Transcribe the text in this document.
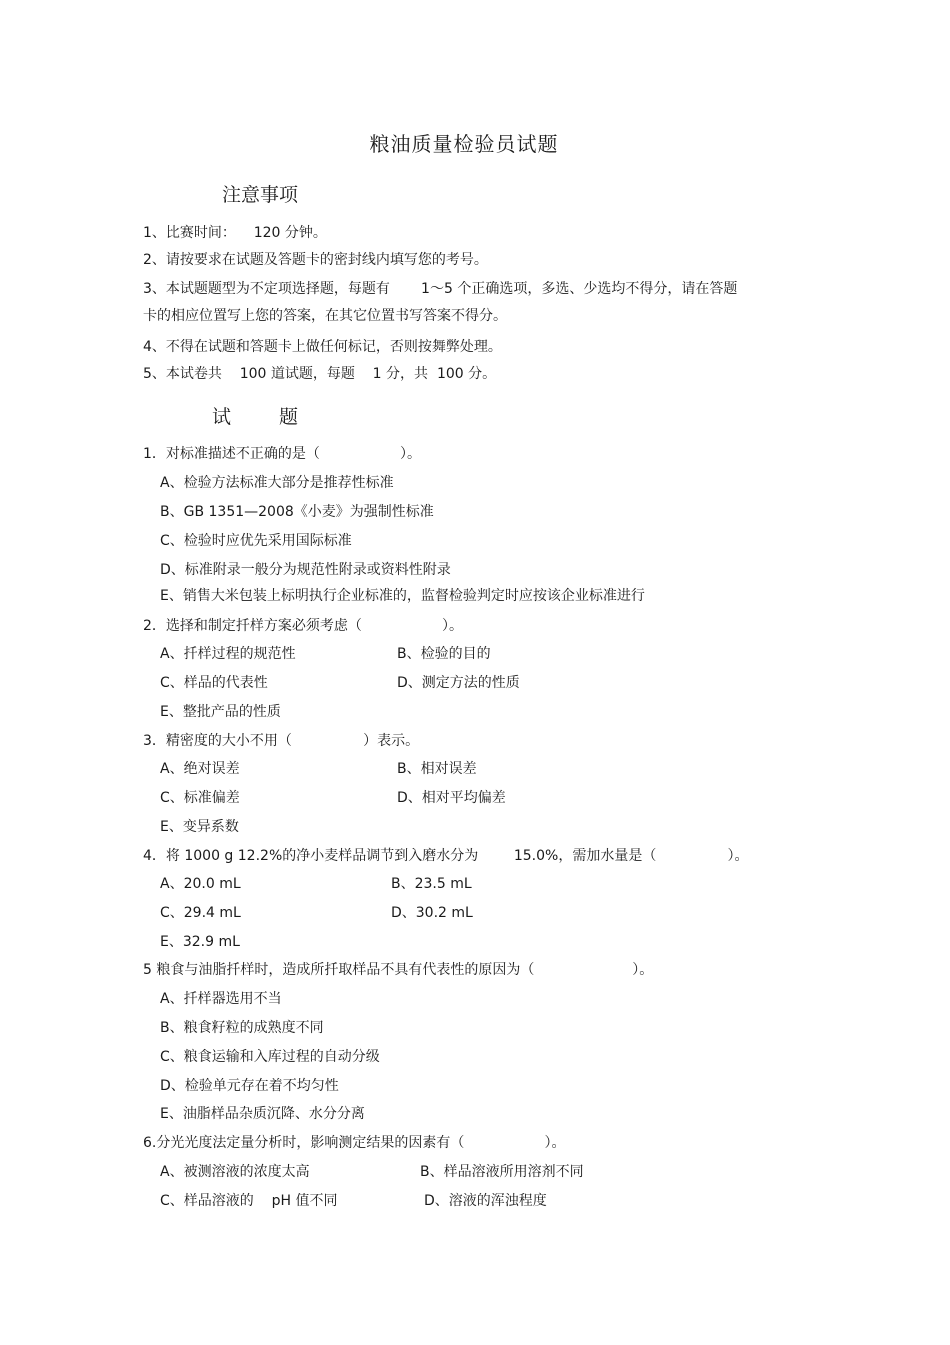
粮油质量检验员试题
注意事项
1、比赛时间：    120 分钟。
2、请按要求在试题及答题卡的密封线内填写您的考号。
3、本试题题型为不定项选择题，每题有       1～5 个正确选项，多选、少选均不得分，请在答题
卡的相应位置写上您的答案，在其它位置书写答案不得分。
4、不得在试题和答题卡上做任何标记，否则按舞弊处理。
5、本试卷共    100 道试题，每题    1 分，共  100 分。
试 题
1．对标准描述不正确的是（                  ）。
A、检验方法标准大部分是推荐性标准
B、GB 1351—2008《小麦》为强制性标准
C、检验时应优先采用国际标准
D、标准附录一般分为规范性附录或资料性附录
E、销售大米包装上标明执行企业标准的，监督检验判定时应按该企业标准进行
2．选择和制定扦样方案必须考虑（                  ）。
A、扦样过程的规范性	B、检验的目的
C、样品的代表性	D、测定方法的性质
E、整批产品的性质
3．精密度的大小不用（                ）表示。
A、绝对误差	B、相对误差
C、标准偏差	D、相对平均偏差
E、变异系数
4．将 1000 g 12.2%的净小麦样品调节到入磨水分为        15.0%，需加水量是（                ）。
A、20.0 mL	B、23.5 mL
C、29.4 mL	D、30.2 mL
E、32.9 mL
5 粮食与油脂扦样时，造成所扦取样品不具有代表性的原因为（                      ）。
A、扦样器选用不当
B、粮食籽粒的成熟度不同
C、粮食运输和入库过程的自动分级
D、检验单元存在着不均匀性
E、油脂样品杂质沉降、水分分离
6.分光光度法定量分析时，影响测定结果的因素有（                  ）。
A、被测溶液的浓度太高	B、样品溶液所用溶剂不同
C、样品溶液的    pH 值不同	D、溶液的浑浊程度
